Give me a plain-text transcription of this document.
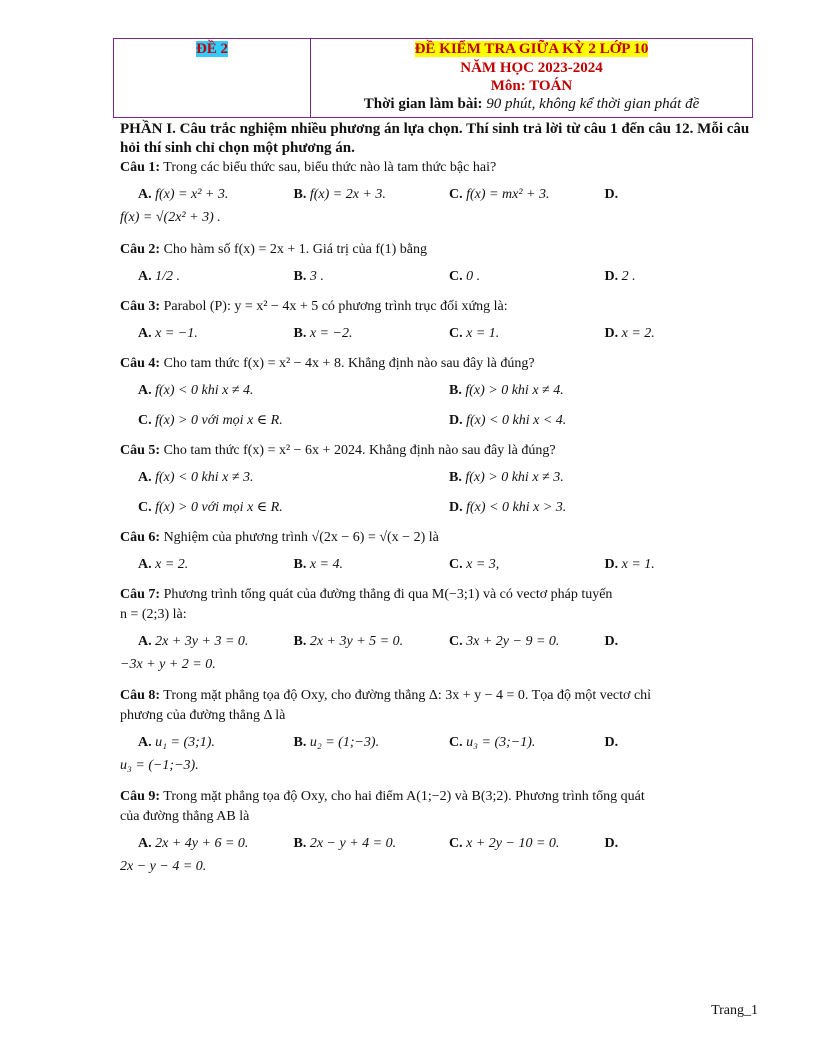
ĐỀ 2	ĐỀ KIỂM TRA GIỮA KỲ 2 LỚP 10
NĂM HỌC 2023-2024
Môn: TOÁN
Thời gian làm bài: 90 phút, không kể thời gian phát đề

PHẦN I. Câu trắc nghiệm nhiều phương án lựa chọn. Thí sinh trả lời từ câu 1 đến câu 12. Mỗi câu hỏi thí sinh chỉ chọn một phương án.

Câu 1: Trong các biểu thức sau, biểu thức nào là tam thức bậc hai?

A. f(x) = x² + 3.	B. f(x) = 2x + 3.	C. f(x) = mx² + 3.	D.

f(x) = √(2x² + 3) .

Câu 2: Cho hàm số f(x) = 2x + 1. Giá trị của f(1) bằng

A. 1/2 .	B. 3 .	C. 0 .	D. 2 .

Câu 3: Parabol (P): y = x² − 4x + 5 có phương trình trục đối xứng là:

A. x = −1.	B. x = −2.	C. x = 1.	D. x = 2.

Câu 4: Cho tam thức f(x) = x² − 4x + 8. Khẳng định nào sau đây là đúng?

A. f(x) < 0 khi x ≠ 4.	B. f(x) > 0 khi x ≠ 4.
C. f(x) > 0 với mọi x ∈ R.	D. f(x) < 0 khi x < 4.

Câu 5: Cho tam thức f(x) = x² − 6x + 2024. Khẳng định nào sau đây là đúng?

A. f(x) < 0 khi x ≠ 3.	B. f(x) > 0 khi x ≠ 3.
C. f(x) > 0 với mọi x ∈ R.	D. f(x) < 0 khi x > 3.

Câu 6: Nghiệm của phương trình √(2x − 6) = √(x − 2) là

A. x = 2.	B. x = 4.	C. x = 3,	D. x = 1.

Câu 7: Phương trình tổng quát của đường thẳng đi qua M(−3;1) và có vectơ pháp tuyến

n = (2;3) là:

A. 2x + 3y + 3 = 0.	B. 2x + 3y + 5 = 0.	C. 3x + 2y − 9 = 0.	D.

−3x + y + 2 = 0.

Câu 8: Trong mặt phẳng tọa độ Oxy, cho đường thẳng Δ: 3x + y − 4 = 0. Tọa độ một vectơ chỉ

phương của đường thẳng Δ là

A. u₁ = (3;1).	B. u₂ = (1;−3).	C. u₃ = (3;−1).	D.

u₃ = (−1;−3).

Câu 9: Trong mặt phẳng tọa độ Oxy, cho hai điểm A(1;−2) và B(3;2). Phương trình tổng quát

của đường thẳng AB là

A. 2x + 4y + 6 = 0.	B. 2x − y + 4 = 0.	C. x + 2y − 10 = 0.	D.

2x − y − 4 = 0.

Trang_1
